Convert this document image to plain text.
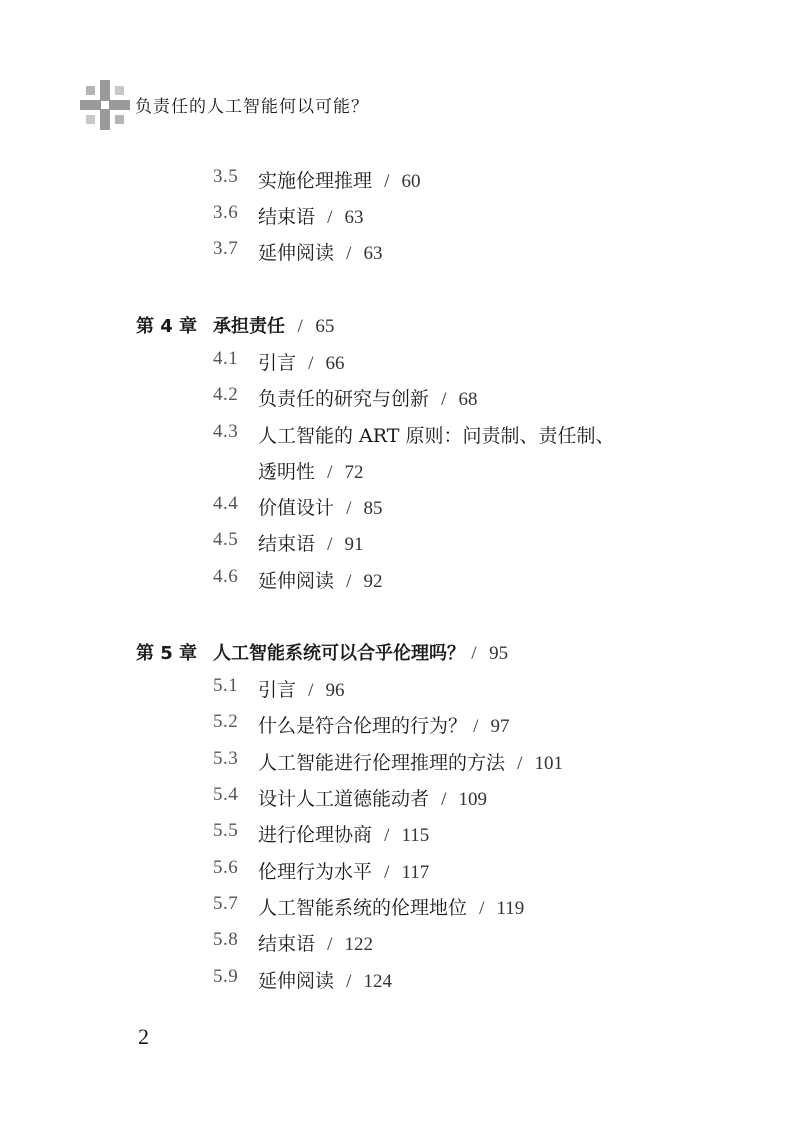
负责任的人工智能何以可能？
3.5 实施伦理推理 / 60
3.6 结束语 / 63
3.7 延伸阅读 / 63
第 4 章 承担责任 / 65
4.1 引言 / 66
4.2 负责任的研究与创新 / 68
4.3 人工智能的 ART 原则：问责制、责任制、
透明性 / 72
4.4 价值设计 / 85
4.5 结束语 / 91
4.6 延伸阅读 / 92
第 5 章 人工智能系统可以合乎伦理吗？ / 95
5.1 引言 / 96
5.2 什么是符合伦理的行为？ / 97
5.3 人工智能进行伦理推理的方法 / 101
5.4 设计人工道德能动者 / 109
5.5 进行伦理协商 / 115
5.6 伦理行为水平 / 117
5.7 人工智能系统的伦理地位 / 119
5.8 结束语 / 122
5.9 延伸阅读 / 124
2
